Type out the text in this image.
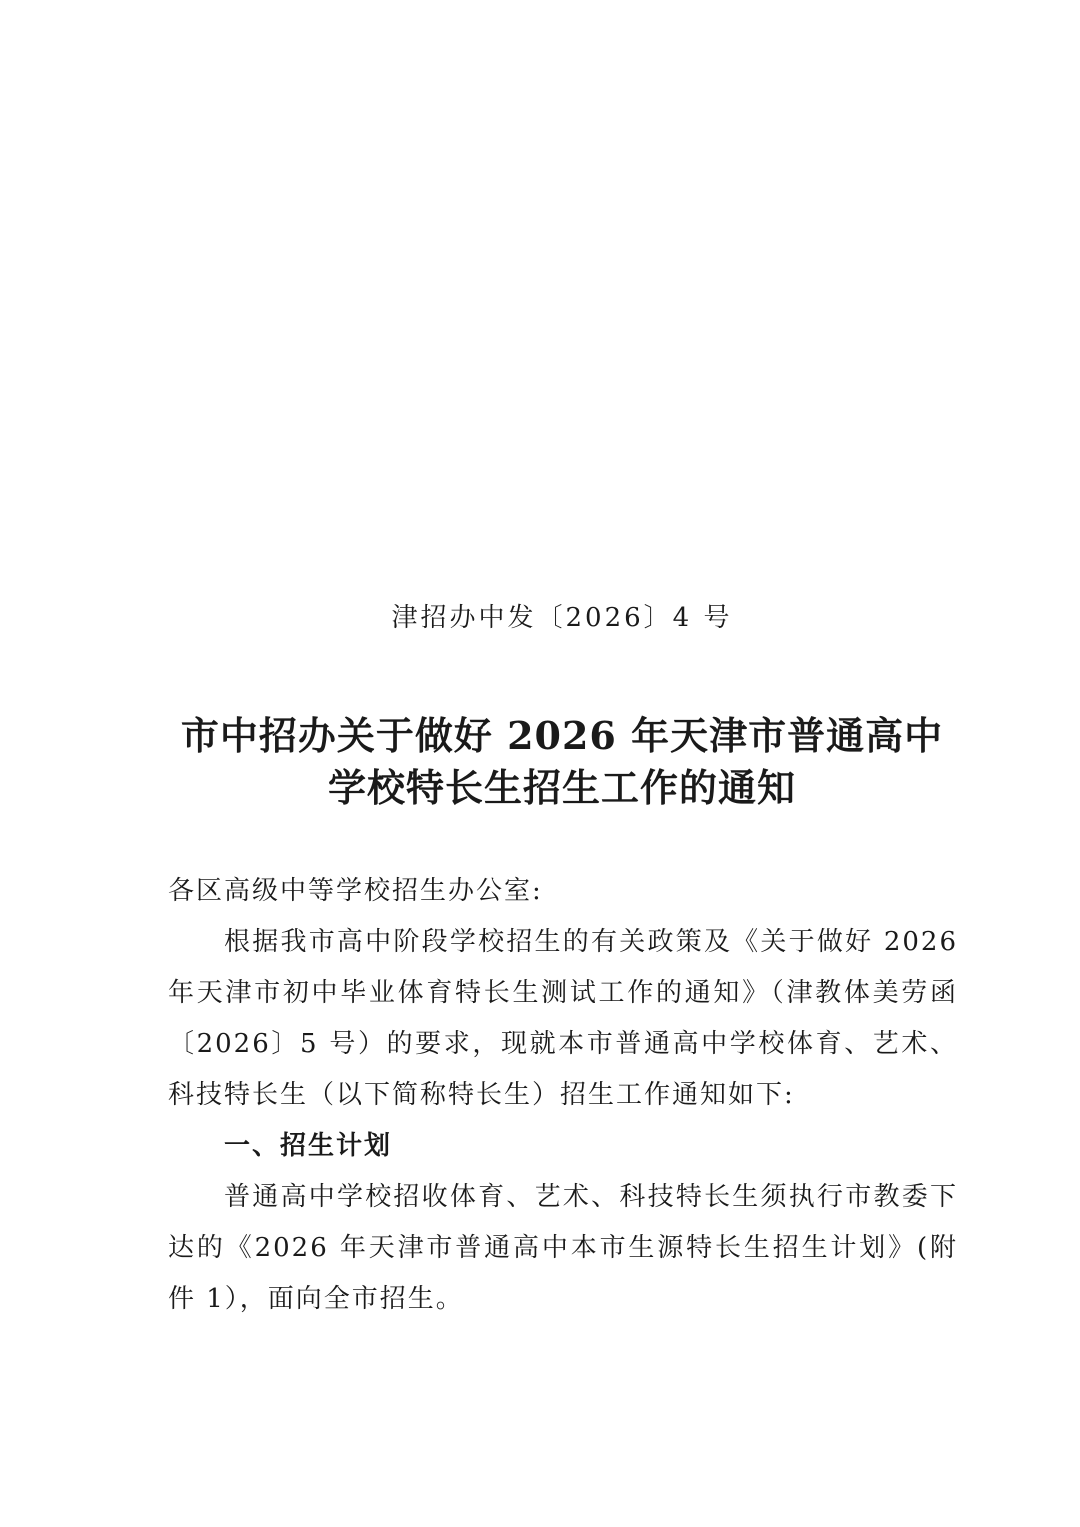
津招办中发〔2026〕4 号
市中招办关于做好 2026 年天津市普通高中
学校特长生招生工作的通知

各区高级中等学校招生办公室:

根据我市高中阶段学校招生的有关政策及《关于做好 2026 年天津市初中毕业体育特长生测试工作的通知》（津教体美劳函〔2026〕5 号）的要求，现就本市普通高中学校体育、艺术、科技特长生（以下简称特长生）招生工作通知如下:

一、招生计划

普通高中学校招收体育、艺术、科技特长生须执行市教委下达的《2026 年天津市普通高中本市生源特长生招生计划》(附件 1），面向全市招生。
